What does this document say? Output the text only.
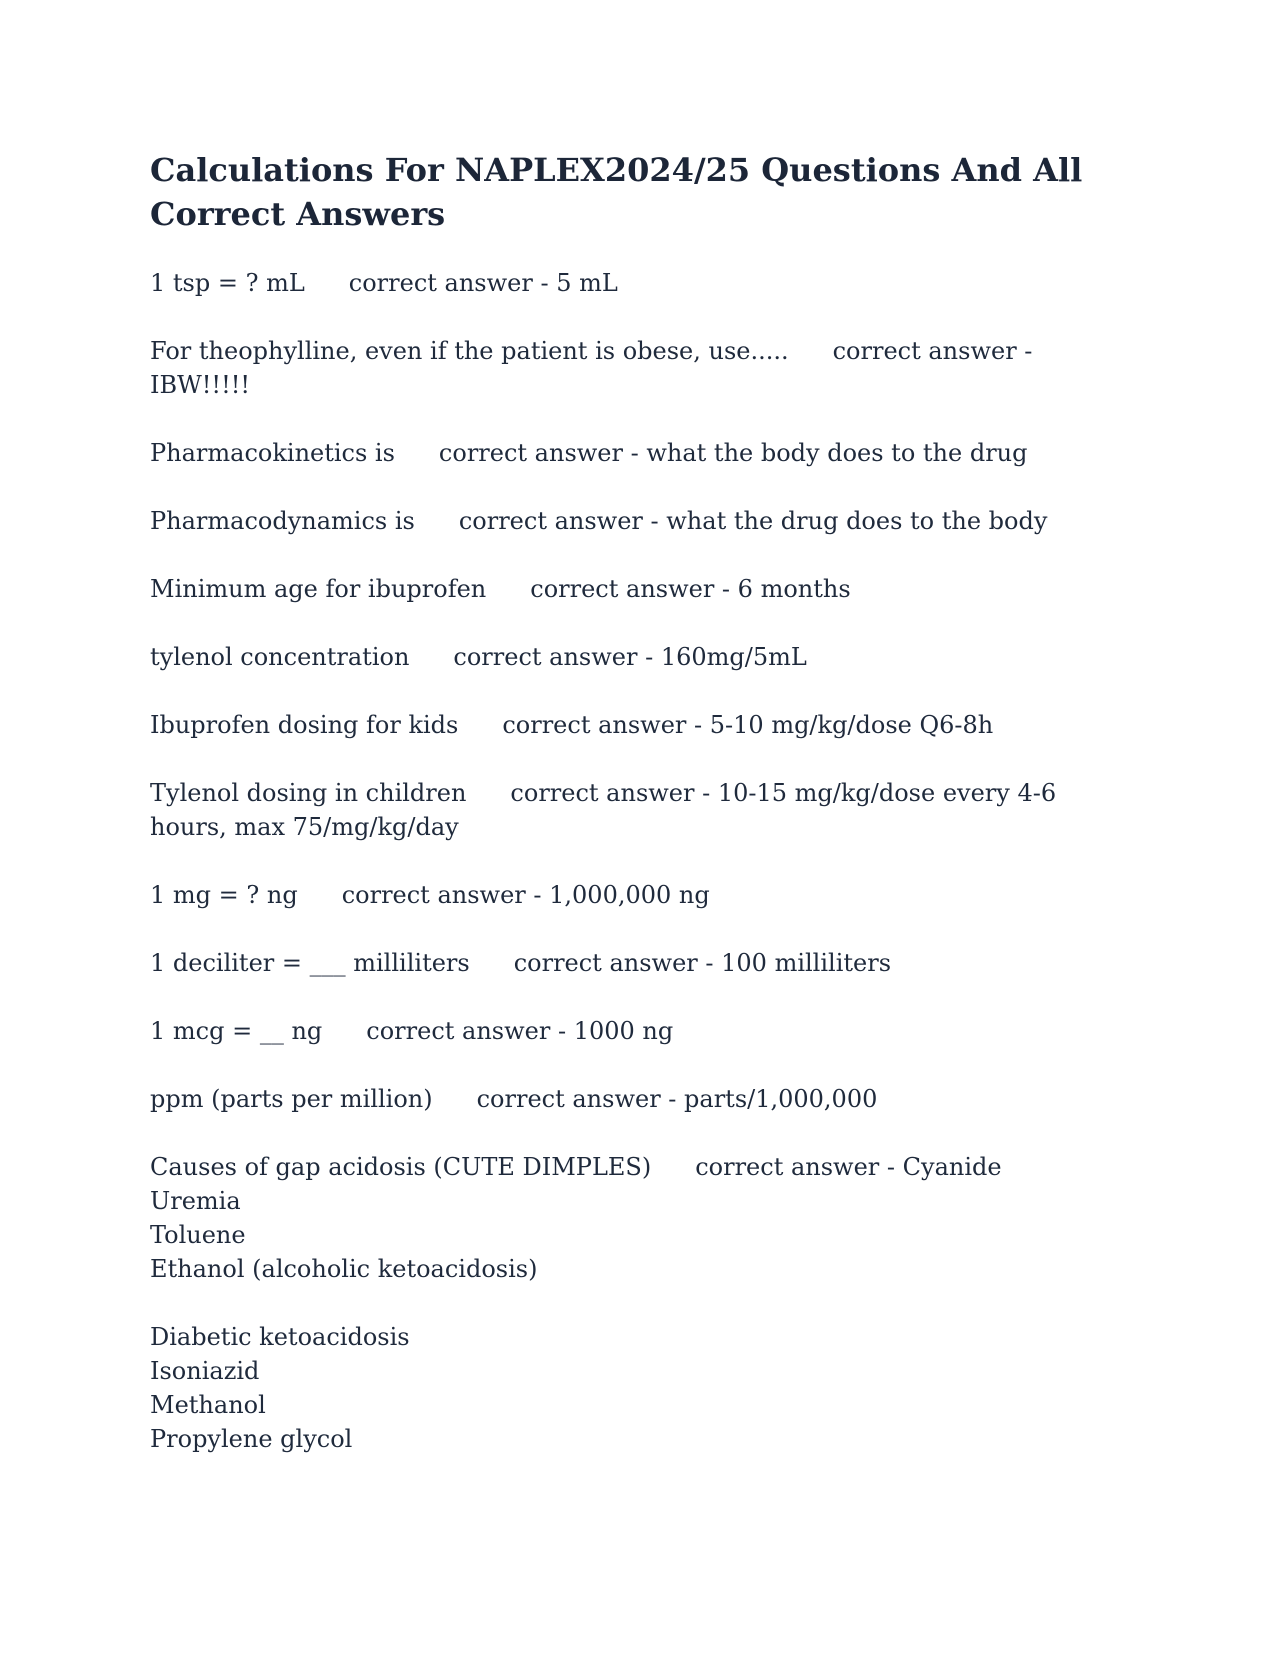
Calculations For NAPLEX2024/25 Questions And All Correct Answers
1 tsp = ? mL correct answer - 5 mL
For theophylline, even if the patient is obese, use..... correct answer -
IBW!!!!!
Pharmacokinetics is correct answer - what the body does to the drug
Pharmacodynamics is correct answer - what the drug does to the body
Minimum age for ibuprofen correct answer - 6 months
tylenol concentration correct answer - 160mg/5mL
Ibuprofen dosing for kids correct answer - 5-10 mg/kg/dose Q6-8h
Tylenol dosing in children correct answer - 10-15 mg/kg/dose every 4-6
hours, max 75/mg/kg/day
1 mg = ? ng correct answer - 1,000,000 ng
1 deciliter = ___ milliliters correct answer - 100 milliliters
1 mcg = __ ng correct answer - 1000 ng
ppm (parts per million) correct answer - parts/1,000,000
Causes of gap acidosis (CUTE DIMPLES) correct answer - Cyanide
Uremia
Toluene
Ethanol (alcoholic ketoacidosis)
Diabetic ketoacidosis
Isoniazid
Methanol
Propylene glycol
